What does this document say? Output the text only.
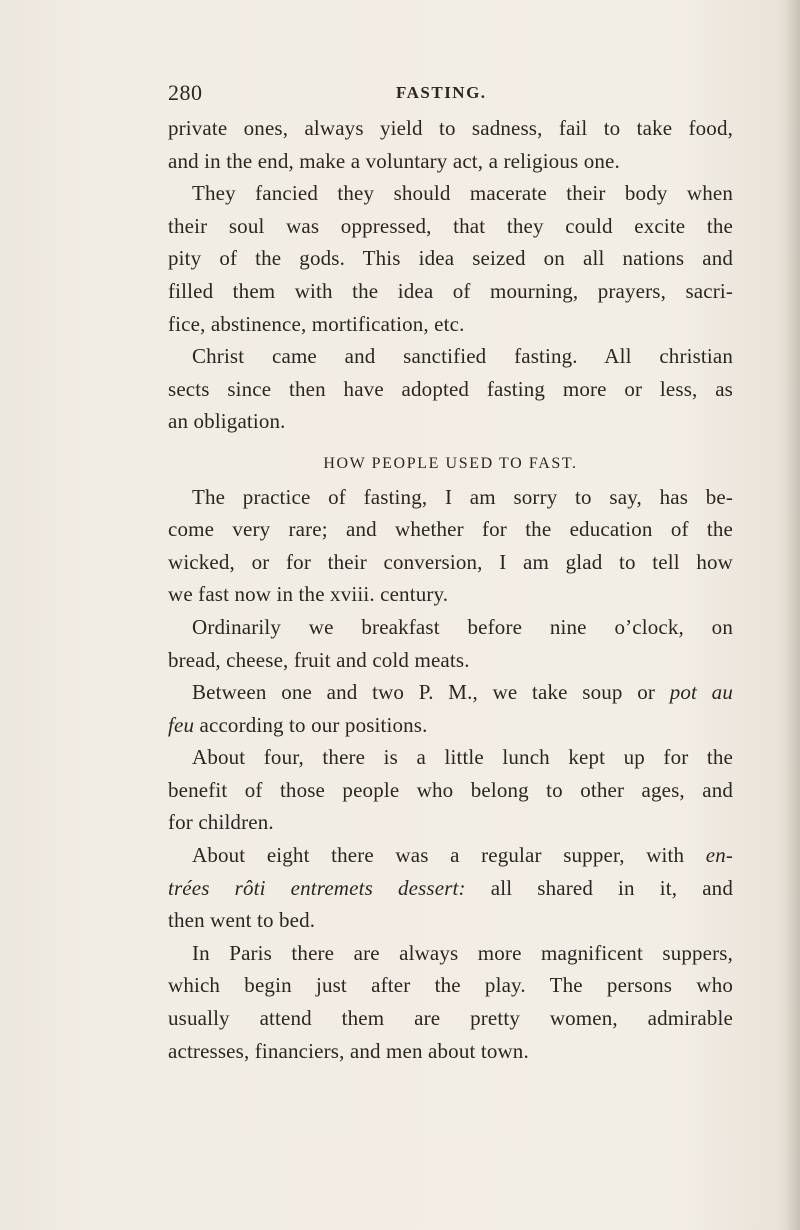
280	FASTING.
private ones, always yield to sadness, fail to take food,
and in the end, make a voluntary act, a religious one.
They fancied they should macerate their body when
their soul was oppressed, that they could excite the
pity of the gods. This idea seized on all nations and
filled them with the idea of mourning, prayers, sacri-
fice, abstinence, mortification, etc.
Christ came and sanctified fasting. All christian
sects since then have adopted fasting more or less, as
an obligation.
HOW PEOPLE USED TO FAST.
The practice of fasting, I am sorry to say, has be-
come very rare; and whether for the education of the
wicked, or for their conversion, I am glad to tell how
we fast now in the xviii. century.
Ordinarily we breakfast before nine o’clock, on
bread, cheese, fruit and cold meats.
Between one and two P. M., we take soup or pot au
feu according to our positions.
About four, there is a little lunch kept up for the
benefit of those people who belong to other ages, and
for children.
About eight there was a regular supper, with en-
trées rôti entremets dessert: all shared in it, and
then went to bed.
In Paris there are always more magnificent suppers,
which begin just after the play. The persons who
usually attend them are pretty women, admirable
actresses, financiers, and men about town.
